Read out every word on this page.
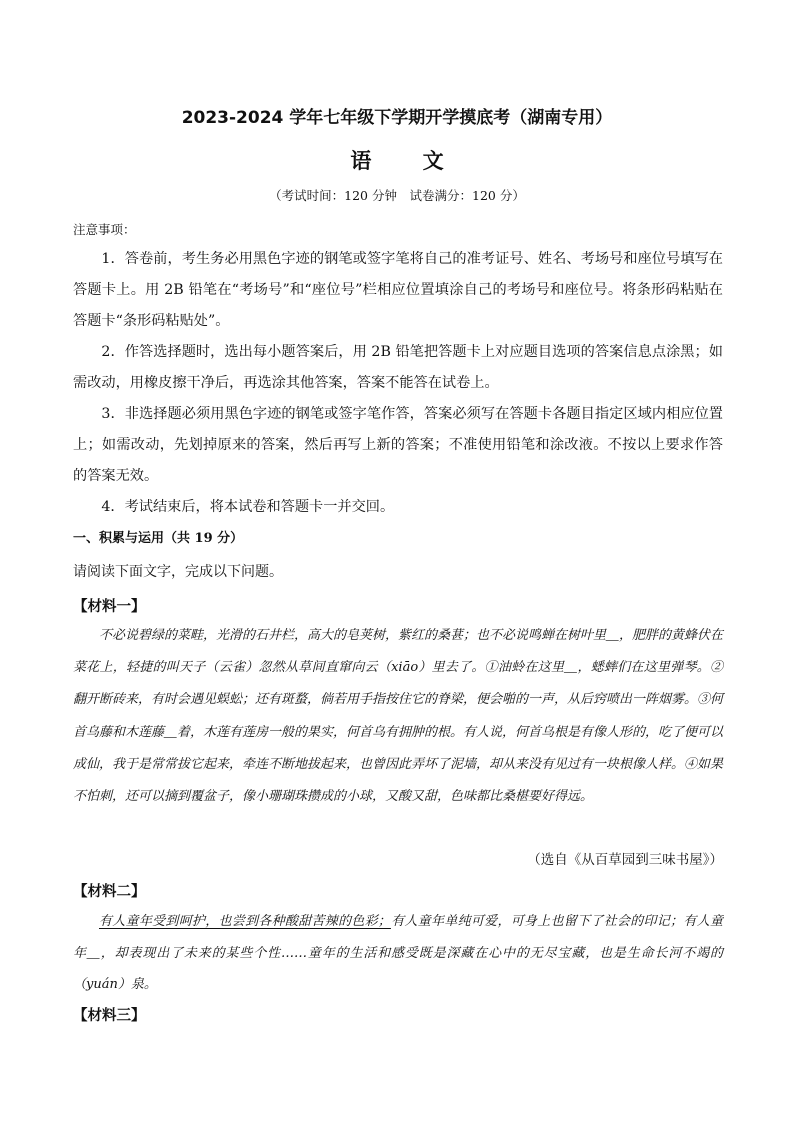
2023-2024 学年七年级下学期开学摸底考（湖南专用）
语 文
（考试时间：120 分钟　试卷满分：120 分）
注意事项：

1．答卷前，考生务必用黑色字迹的钢笔或签字笔将自己的准考证号、姓名、考场号和座位号填写在答题卡上。用 2B 铅笔在“考场号”和“座位号”栏相应位置填涂自己的考场号和座位号。将条形码粘贴在答题卡“条形码粘贴处”。

2．作答选择题时，选出每小题答案后，用 2B 铅笔把答题卡上对应题目选项的答案信息点涂黑；如需改动，用橡皮擦干净后，再选涂其他答案，答案不能答在试卷上。

3．非选择题必须用黑色字迹的钢笔或签字笔作答，答案必须写在答题卡各题目指定区域内相应位置上；如需改动，先划掉原来的答案，然后再写上新的答案；不准使用铅笔和涂改液。不按以上要求作答的答案无效。

4．考试结束后，将本试卷和答题卡一并交回。

一、积累与运用（共 19 分）
请阅读下面文字，完成以下问题。
【材料一】

不必说碧绿的菜畦，光滑的石井栏，高大的皂荚树，紫红的桑葚；也不必说鸣蝉在树叶里＿，肥胖的黄蜂伏在菜花上，轻捷的叫天子（云雀）忽然从草间直窜向云（xiāo）里去了。①油蛉在这里＿，蟋蟀们在这里弹琴。②翻开断砖来，有时会遇见蜈蚣；还有斑蝥，倘若用手指按住它的脊梁，便会啪的一声，从后窍喷出一阵烟雾。③何首乌藤和木莲藤＿着，木莲有莲房一般的果实，何首乌有拥肿的根。有人说，何首乌根是有像人形的，吃了便可以成仙，我于是常常拔它起来，牵连不断地拔起来，也曾因此弄坏了泥墙，却从来没有见过有一块根像人样。④如果不怕刺，还可以摘到覆盆子，像小珊瑚珠攒成的小球，又酸又甜，色味都比桑椹要好得远。

（选自《从百草园到三味书屋》）
【材料二】

有人童年受到呵护，也尝到各种酸甜苦辣的色彩；有人童年单纯可爱，可身上也留下了社会的印记；有人童年＿，却表现出了未来的某些个性……童年的生活和感受既是深藏在心中的无尽宝藏，也是生命长河不竭的（yuán）泉。

【材料三】
